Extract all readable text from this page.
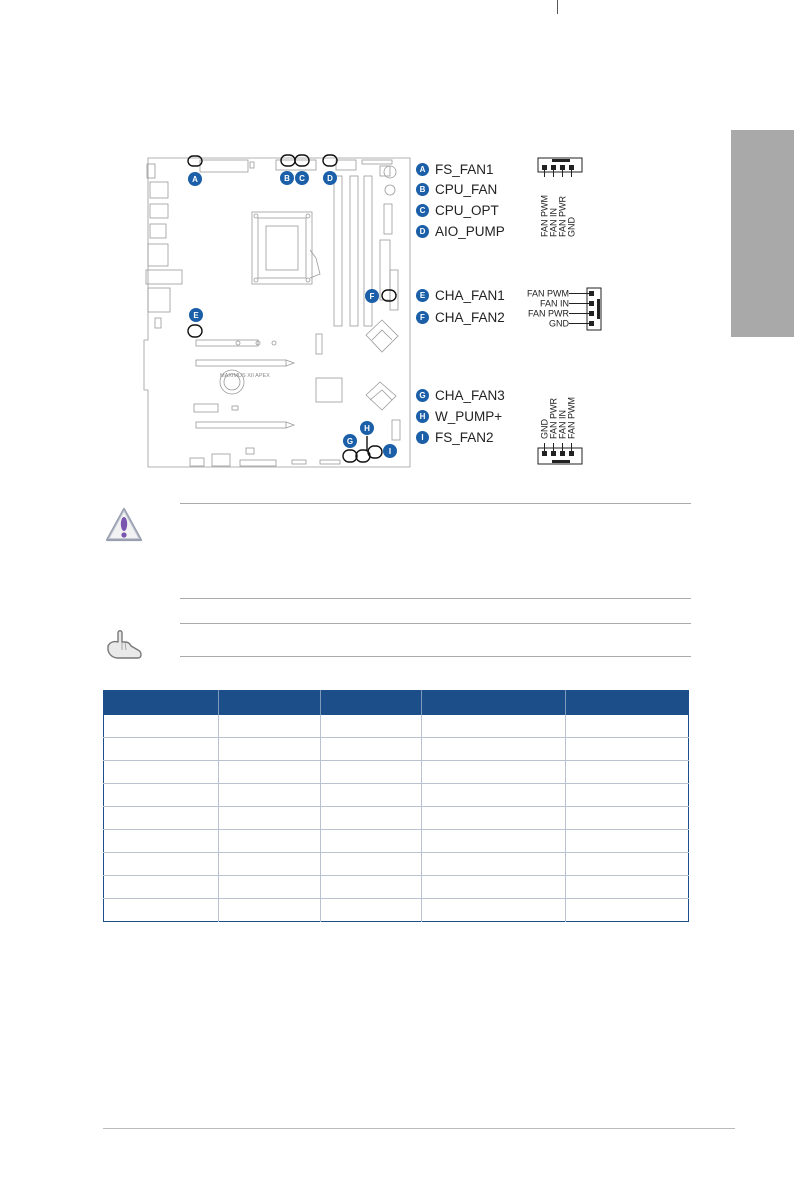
MAXIMUS XII APEX
A	B C	D
E
F
G
H
I
A FS_FAN1
B CPU_FAN
C CPU_OPT
D AIO_PUMP
E CHA_FAN1
F CHA_FAN2
G CHA_FAN3
H W_PUMP+
I FS_FAN2
FAN PWM FAN IN FAN PWR GND
FAN PWM
FAN IN
FAN PWR
GND
GND FAN PWR FAN IN FAN PWM
